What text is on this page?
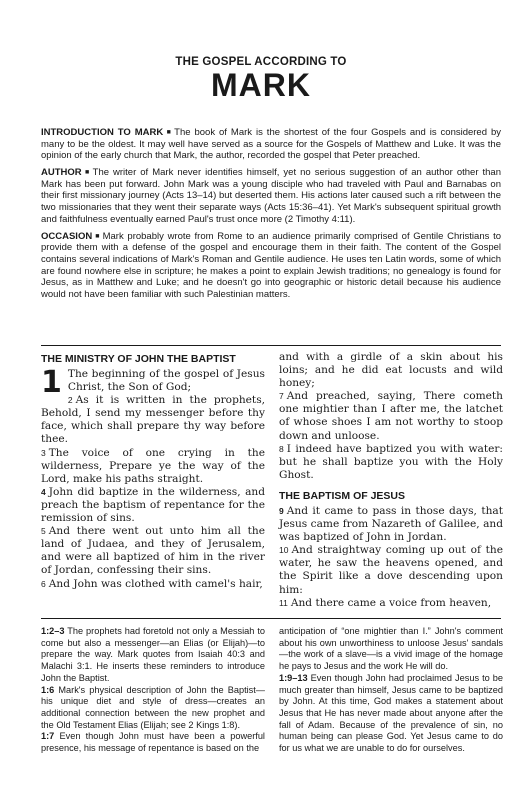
THE GOSPEL ACCORDING TO
MARK

INTRODUCTION TO MARK ■ The book of Mark is the shortest of the four Gospels and is considered by many to be the oldest. It may well have served as a source for the Gospels of Matthew and Luke. It was the opinion of the early church that Mark, the author, recorded the gospel that Peter preached.

AUTHOR ■ The writer of Mark never identifies himself, yet no serious suggestion of an author other than Mark has been put forward. John Mark was a young disciple who had traveled with Paul and Barnabas on their first missionary journey (Acts 13–14) but deserted them. His actions later caused such a rift between the two missionaries that they went their separate ways (Acts 15:36–41). Yet Mark's subsequent spiritual growth and faithfulness eventually earned Paul's trust once more (2 Timothy 4:11).

OCCASION ■ Mark probably wrote from Rome to an audience primarily comprised of Gentile Christians to provide them with a defense of the gospel and encourage them in their faith. The content of the Gospel contains several indications of Mark's Roman and Gentile audience. He uses ten Latin words, some of which are found nowhere else in scripture; he makes a point to explain Jewish traditions; no genealogy is found for Jesus, as in Matthew and Luke; and he doesn't go into geographic or historic detail because his audience would not have been familiar with such Palestinian matters.

THE MINISTRY OF JOHN THE BAPTIST

1 The beginning of the gospel of Jesus Christ, the Son of God;

2 As it is written in the prophets, Behold, I send my messenger before thy face, which shall prepare thy way before thee.

3 The voice of one crying in the wilderness, Prepare ye the way of the Lord, make his paths straight.

4 John did baptize in the wilderness, and preach the baptism of repentance for the remission of sins.

5 And there went out unto him all the land of Judaea, and they of Jerusalem, and were all baptized of him in the river of Jordan, confessing their sins.

6 And John was clothed with camel's hair,

and with a girdle of a skin about his loins; and he did eat locusts and wild honey;

7 And preached, saying, There cometh one mightier than I after me, the latchet of whose shoes I am not worthy to stoop down and unloose.

8 I indeed have baptized you with water: but he shall baptize you with the Holy Ghost.

THE BAPTISM OF JESUS

9 And it came to pass in those days, that Jesus came from Nazareth of Galilee, and was baptized of John in Jordan.

10 And straightway coming up out of the water, he saw the heavens opened, and the Spirit like a dove descending upon him:

11 And there came a voice from heaven,

1:2–3 The prophets had foretold not only a Messiah to come but also a messenger—an Elias (or Elijah)—to prepare the way. Mark quotes from Isaiah 40:3 and Malachi 3:1. He inserts these reminders to introduce John the Baptist.

1:6 Mark's physical description of John the Baptist—his unique diet and style of dress—creates an additional connection between the new prophet and the Old Testament Elias (Elijah; see 2 Kings 1:8).

1:7 Even though John must have been a powerful presence, his message of repentance is based on the

anticipation of “one mightier than I.” John's comment about his own unworthiness to unloose Jesus' sandals—the work of a slave—is a vivid image of the homage he pays to Jesus and the work He will do.

1:9–13 Even though John had proclaimed Jesus to be much greater than himself, Jesus came to be baptized by John. At this time, God makes a statement about Jesus that He has never made about anyone after the fall of Adam. Because of the prevalence of sin, no human being can please God. Yet Jesus came to do for us what we are unable to do for ourselves.
